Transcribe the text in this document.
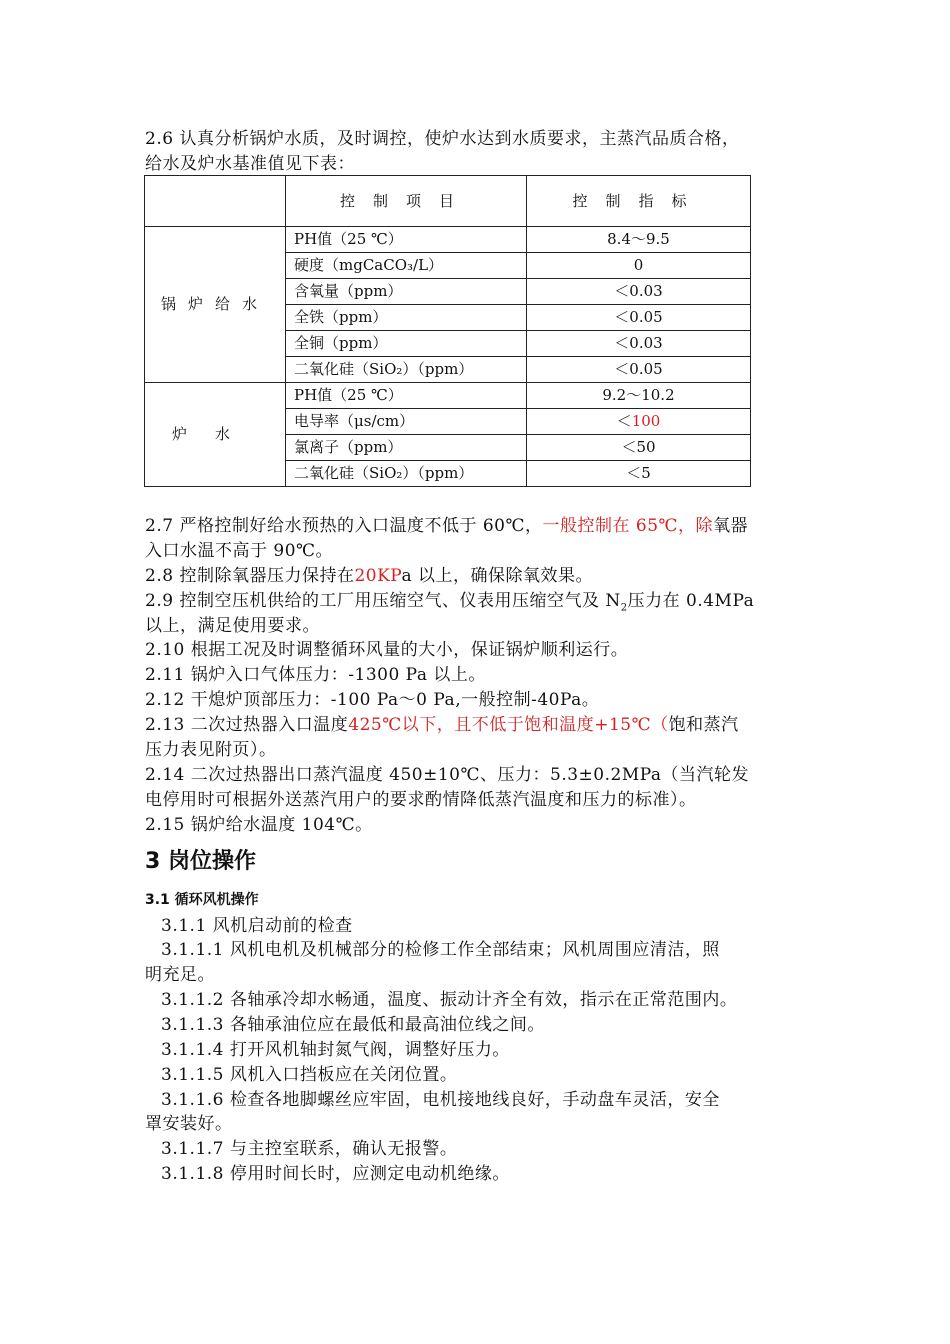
2.6 认真分析锅炉水质，及时调控，使炉水达到水质要求，主蒸汽品质合格，
给水及炉水基准值见下表：
	控制项目	控制指标
锅炉给水	PH值（25 ℃）	8.4～9.5
	硬度（mgCaCO₃/L）	0
	含氧量（ppm）	＜0.03
	全铁（ppm）	＜0.05
	全铜（ppm）	＜0.03
	二氧化硅（SiO₂）（ppm）	＜0.05
炉水	PH值（25 ℃）	9.2～10.2
	电导率（μs/cm）	＜100
	氯离子（ppm）	＜50
	二氧化硅（SiO₂）（ppm）	＜5
2.7 严格控制好给水预热的入口温度不低于 60℃，一般控制在 65℃，除氧器
入口水温不高于 90℃。
2.8 控制除氧器压力保持在20KPa 以上，确保除氧效果。
2.9 控制空压机供给的工厂用压缩空气、仪表用压缩空气及 $N_2$压力在 0.4MPa
以上，满足使用要求。
2.10 根据工况及时调整循环风量的大小，保证锅炉顺利运行。
2.11 锅炉入口气体压力：-1300 Pa 以上。
2.12 干熄炉顶部压力：-100 Pa～0 Pa,一般控制-40Pa。
2.13 二次过热器入口温度425℃以下，且不低于饱和温度+15℃（饱和蒸汽
压力表见附页）。
2.14 二次过热器出口蒸汽温度 450±10℃、压力：5.3±0.2MPa（当汽轮发
电停用时可根据外送蒸汽用户的要求酌情降低蒸汽温度和压力的标准）。
2.15 锅炉给水温度 104℃。
3 岗位操作
3.1 循环风机操作
3.1.1 风机启动前的检查
3.1.1.1 风机电机及机械部分的检修工作全部结束；风机周围应清洁，照
明充足。
3.1.1.2 各轴承冷却水畅通，温度、振动计齐全有效，指示在正常范围内。
3.1.1.3 各轴承油位应在最低和最高油位线之间。
3.1.1.4 打开风机轴封氮气阀，调整好压力。
3.1.1.5 风机入口挡板应在关闭位置。
3.1.1.6 检查各地脚螺丝应牢固，电机接地线良好，手动盘车灵活，安全
罩安装好。
3.1.1.7 与主控室联系，确认无报警。
3.1.1.8 停用时间长时，应测定电动机绝缘。
